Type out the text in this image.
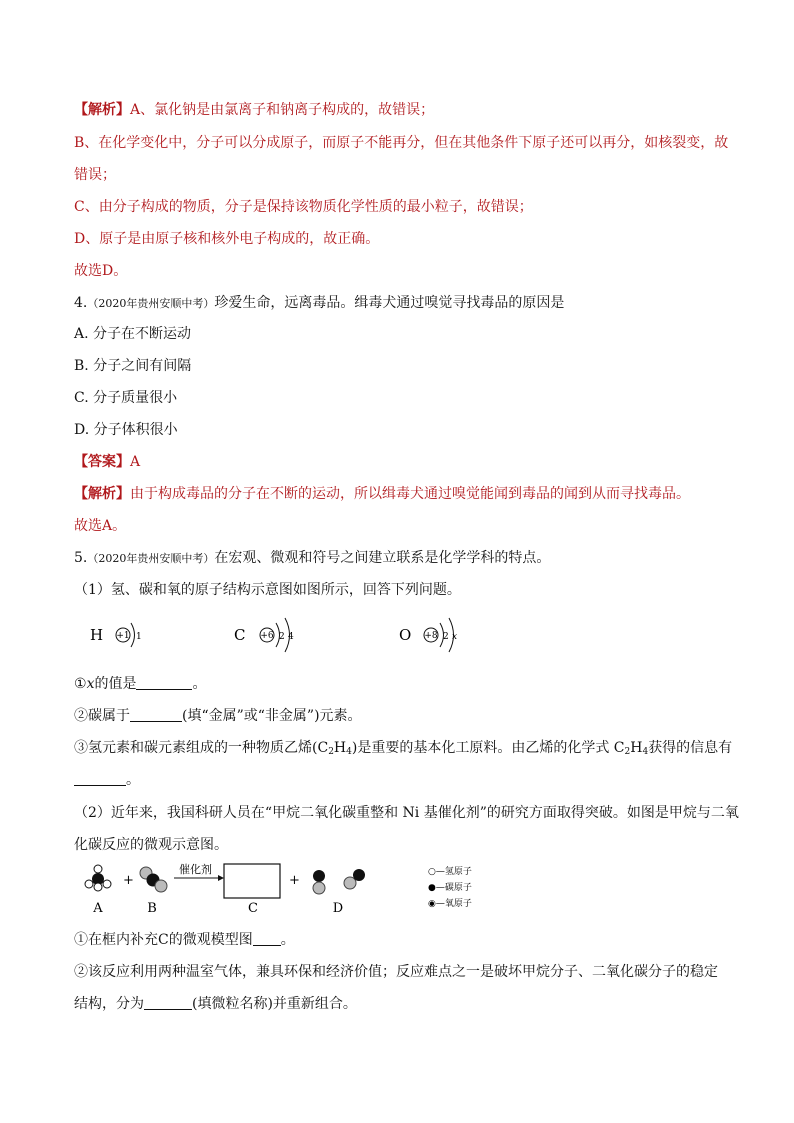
【解析】A、氯化钠是由氯离子和钠离子构成的，故错误；
B、在化学变化中，分子可以分成原子，而原子不能再分，但在其他条件下原子还可以再分，如核裂变，故
错误；
C、由分子构成的物质，分子是保持该物质化学性质的最小粒子，故错误；
D、原子是由原子核和核外电子构成的，故正确。
故选D。
4.（2020年贵州安顺中考）珍爱生命，远离毒品。缉毒犬通过嗅觉寻找毒品的原因是
A. 分子在不断运动
B. 分子之间有间隔
C. 分子质量很小
D. 分子体积很小
【答案】A
【解析】由于构成毒品的分子在不断的运动，所以缉毒犬通过嗅觉能闻到毒品的闻到从而寻找毒品。
故选A。
5.（2020年贵州安顺中考）在宏观、微观和符号之间建立联系是化学学科的特点。
（1）氢、碳和氧的原子结构示意图如图所示，回答下列问题。
H +1 1	C +6 2 4	O +8 2 x
①x的值是	。
②碳属于	(填“金属”或“非金属”)元素。
③氢元素和碳元素组成的一种物质乙烯$(C_2H_4)$是重要的基本化工原料。由乙烯的化学式 $C_2H_4$获得的信息有
。
（2）近年来，我国科研人员在“甲烷二氧化碳重整和 Ni 基催化剂”的研究方面取得突破。如图是甲烷与二氧
化碳反应的微观示意图。
+
催化剂
+
A	B	C	D
○—氢原子
●—碳原子
◉—氧原子
①在框内补充C的微观模型图 。
②该反应利用两种温室气体，兼具环保和经济价值；反应难点之一是破坏甲烷分子、二氧化碳分子的稳定
结构，分为	(填微粒名称)并重新组合。
